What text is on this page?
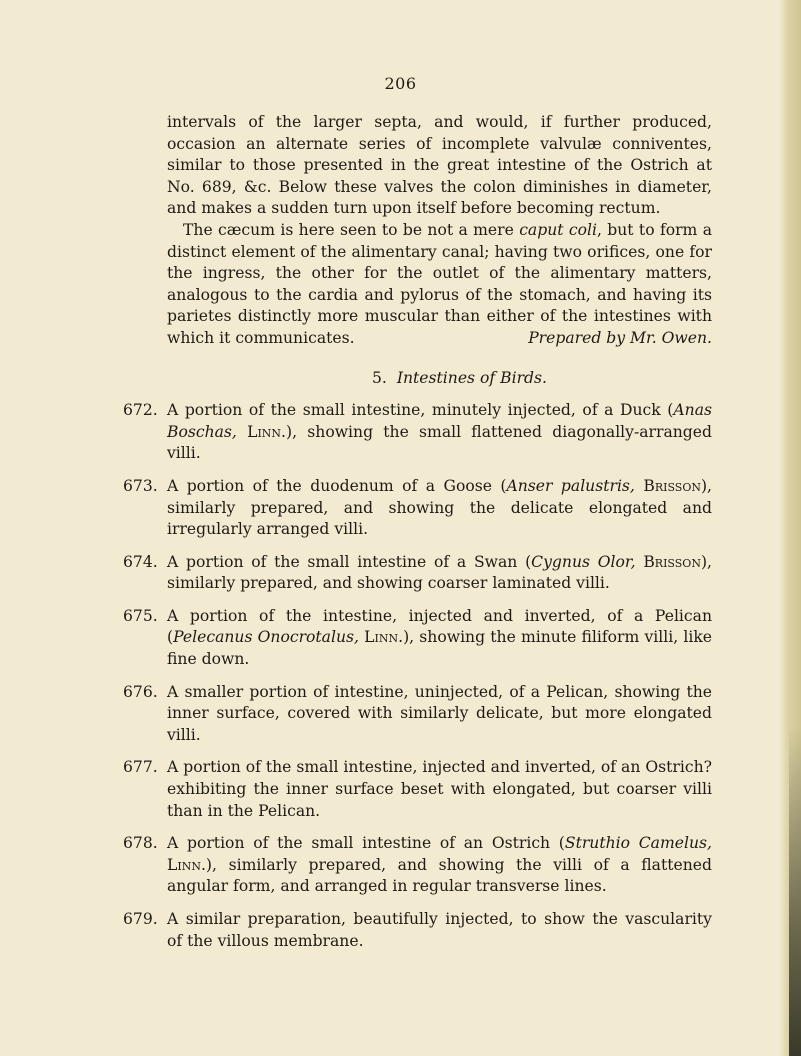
206

intervals of the larger septa, and would, if further produced, occasion an alternate series of incomplete valvulæ conniventes, similar to those presented in the great intestine of the Ostrich at No. 689, &c. Below these valves the colon diminishes in diameter, and makes a sudden turn upon itself before becoming rectum.

The cæcum is here seen to be not a mere caput coli, but to form a distinct element of the alimentary canal; having two orifices, one for the ingress, the other for the outlet of the alimentary matters, analogous to the cardia and pylorus of the stomach, and having its parietes distinctly more muscular than either of the intestines with which it communicates.	Prepared by Mr. Owen.
5. Intestines of Birds.

672. A portion of the small intestine, minutely injected, of a Duck (Anas Boschas, Linn.), showing the small flattened diagonally-arranged villi.

673. A portion of the duodenum of a Goose (Anser palustris, Brisson), similarly prepared, and showing the delicate elongated and irregularly arranged villi.

674. A portion of the small intestine of a Swan (Cygnus Olor, Brisson), similarly prepared, and showing coarser laminated villi.

675. A portion of the intestine, injected and inverted, of a Pelican (Pelecanus Onocrotalus, Linn.), showing the minute filiform villi, like fine down.

676. A smaller portion of intestine, uninjected, of a Pelican, showing the inner surface, covered with similarly delicate, but more elongated villi.

677. A portion of the small intestine, injected and inverted, of an Ostrich? exhibiting the inner surface beset with elongated, but coarser villi than in the Pelican.

678. A portion of the small intestine of an Ostrich (Struthio Camelus, Linn.), similarly prepared, and showing the villi of a flattened angular form, and arranged in regular transverse lines.

679. A similar preparation, beautifully injected, to show the vascularity of the villous membrane.
